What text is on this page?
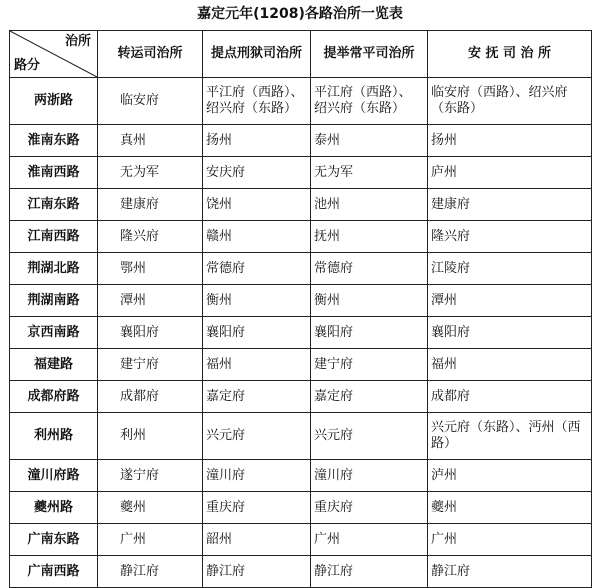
嘉定元年(1208)各路治所一览表
治所
路分	转运司治所	提点刑狱司治所	提举常平司治所	安 抚 司 治 所
两浙路	临安府	平江府（西路）、绍兴府（东路）	平江府（西路）、绍兴府（东路）	临安府（西路）、绍兴府（东路）
淮南东路	真州	扬州	泰州	扬州
淮南西路	无为军	安庆府	无为军	庐州
江南东路	建康府	饶州	池州	建康府
江南西路	隆兴府	赣州	抚州	隆兴府
荆湖北路	鄂州	常德府	常德府	江陵府
荆湖南路	潭州	衡州	衡州	潭州
京西南路	襄阳府	襄阳府	襄阳府	襄阳府
福建路	建宁府	福州	建宁府	福州
成都府路	成都府	嘉定府	嘉定府	成都府
利州路	利州	兴元府	兴元府	兴元府（东路）、沔州（西路）
潼川府路	遂宁府	潼川府	潼川府	泸州
夔州路	夔州	重庆府	重庆府	夔州
广南东路	广州	韶州	广州	广州
广南西路	静江府	静江府	静江府	静江府
